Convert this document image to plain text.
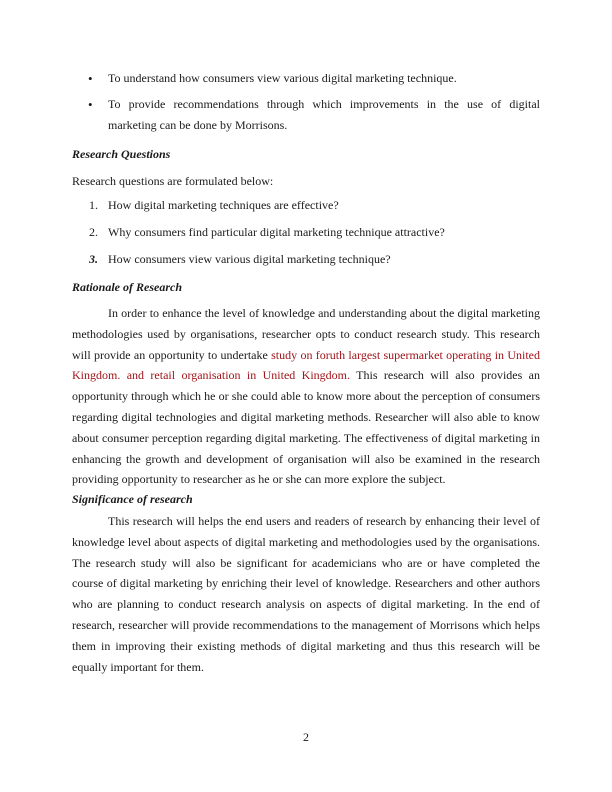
• To understand how consumers view various digital marketing technique.
• To provide recommendations through which improvements in the use of digital marketing can be done by Morrisons.

Research Questions

Research questions are formulated below:

1. How digital marketing techniques are effective?
2. Why consumers find particular digital marketing technique attractive?
3. How consumers view various digital marketing technique?

Rationale of Research

In order to enhance the level of knowledge and understanding about the digital marketing methodologies used by organisations, researcher opts to conduct research study. This research will provide an opportunity to undertake study on foruth largest supermarket operating in United Kingdom. and retail organisation in United Kingdom. This research will also provides an opportunity through which he or she could able to know more about the perception of consumers regarding digital technologies and digital marketing methods. Researcher will also able to know about consumer perception regarding digital marketing. The effectiveness of digital marketing in enhancing the growth and development of organisation will also be examined in the research providing opportunity to researcher as he or she can more explore the subject.

Significance of research

This research will helps the end users and readers of research by enhancing their level of knowledge level about aspects of digital marketing and methodologies used by the organisations. The research study will also be significant for academicians who are or have completed the course of digital marketing by enriching their level of knowledge. Researchers and other authors who are planning to conduct research analysis on aspects of digital marketing. In the end of research, researcher will provide recommendations to the management of Morrisons which helps them in improving their existing methods of digital marketing and thus this research will be equally important for them.

2
